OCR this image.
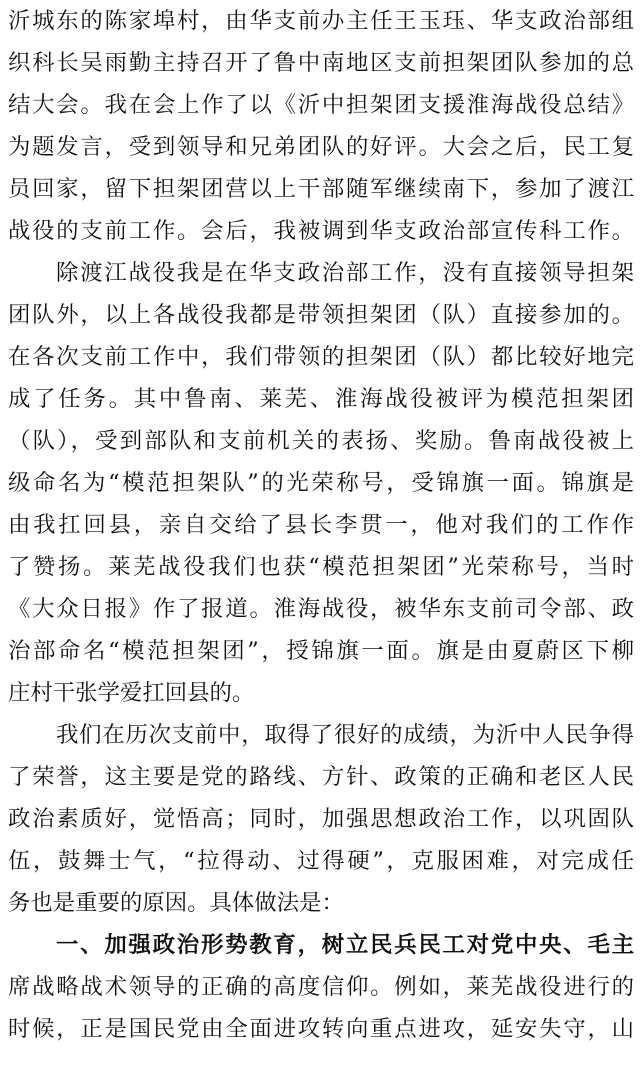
沂城东的陈家埠村，由华支前办主任王玉珏、华支政治部组
织科长吴雨勤主持召开了鲁中南地区支前担架团队参加的总
结大会。我在会上作了以《沂中担架团支援淮海战役总结》
为题发言，受到领导和兄弟团队的好评。大会之后，民工复
员回家，留下担架团营以上干部随军继续南下，参加了渡江
战役的支前工作。会后，我被调到华支政治部宣传科工作。
除渡江战役我是在华支政治部工作，没有直接领导担架
团队外，以上各战役我都是带领担架团（队）直接参加的。
在各次支前工作中，我们带领的担架团（队）都比较好地完
成了任务。其中鲁南、莱芜、淮海战役被评为模范担架团
（队），受到部队和支前机关的表扬、奖励。鲁南战役被上
级命名为“模范担架队”的光荣称号，受锦旗一面。锦旗是
由我扛回县，亲自交给了县长李贯一，他对我们的工作作
了赞扬。莱芜战役我们也获“模范担架团”光荣称号，当时
《大众日报》作了报道。淮海战役，被华东支前司令部、政
治部命名“模范担架团”，授锦旗一面。旗是由夏蔚区下柳
庄村干张学爱扛回县的。
我们在历次支前中，取得了很好的成绩，为沂中人民争得
了荣誉，这主要是党的路线、方针、政策的正确和老区人民
政治素质好，觉悟高；同时，加强思想政治工作，以巩固队
伍，鼓舞士气，“拉得动、过得硬”，克服困难，对完成任
务也是重要的原因。具体做法是：
一、加强政治形势教育，树立民兵民工对党中央、毛主
席战略战术领导的正确的高度信仰。例如，莱芜战役进行的
时候，正是国民党由全面进攻转向重点进攻，延安失守，山
